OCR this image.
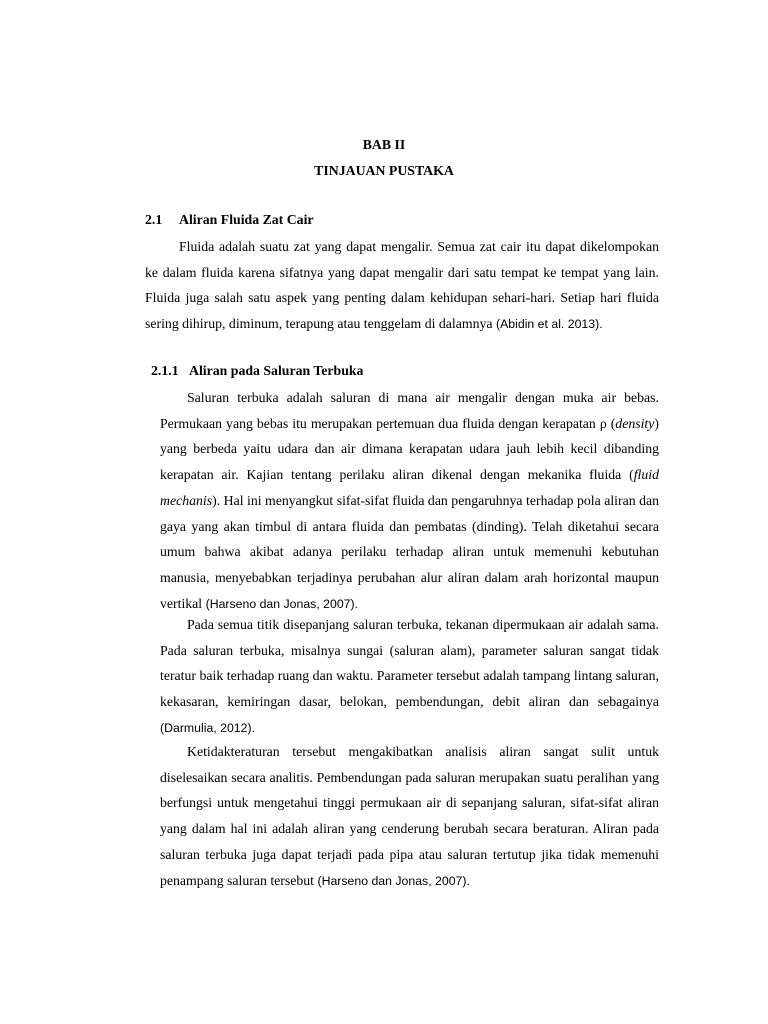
BAB II
TINJAUAN PUSTAKA
2.1 Aliran Fluida Zat Cair
Fluida adalah suatu zat yang dapat mengalir. Semua zat cair itu dapat dikelompokan ke dalam fluida karena sifatnya yang dapat mengalir dari satu tempat ke tempat yang lain. Fluida juga salah satu aspek yang penting dalam kehidupan sehari-hari. Setiap hari fluida sering dihirup, diminum, terapung atau tenggelam di dalamnya (Abidin et al. 2013).
2.1.1 Aliran pada Saluran Terbuka
Saluran terbuka adalah saluran di mana air mengalir dengan muka air bebas. Permukaan yang bebas itu merupakan pertemuan dua fluida dengan kerapatan ρ (density) yang berbeda yaitu udara dan air dimana kerapatan udara jauh lebih kecil dibanding kerapatan air. Kajian tentang perilaku aliran dikenal dengan mekanika fluida (fluid mechanis). Hal ini menyangkut sifat-sifat fluida dan pengaruhnya terhadap pola aliran dan gaya yang akan timbul di antara fluida dan pembatas (dinding). Telah diketahui secara umum bahwa akibat adanya perilaku terhadap aliran untuk memenuhi kebutuhan manusia, menyebabkan terjadinya perubahan alur aliran dalam arah horizontal maupun vertikal (Harseno dan Jonas, 2007).
Pada semua titik disepanjang saluran terbuka, tekanan dipermukaan air adalah sama. Pada saluran terbuka, misalnya sungai (saluran alam), parameter saluran sangat tidak teratur baik terhadap ruang dan waktu. Parameter tersebut adalah tampang lintang saluran, kekasaran, kemiringan dasar, belokan, pembendungan, debit aliran dan sebagainya (Darmulia, 2012).
Ketidakteraturan tersebut mengakibatkan analisis aliran sangat sulit untuk diselesaikan secara analitis. Pembendungan pada saluran merupakan suatu peralihan yang berfungsi untuk mengetahui tinggi permukaan air di sepanjang saluran, sifat-sifat aliran yang dalam hal ini adalah aliran yang cenderung berubah secara beraturan. Aliran pada saluran terbuka juga dapat terjadi pada pipa atau saluran tertutup jika tidak memenuhi penampang saluran tersebut (Harseno dan Jonas, 2007).
